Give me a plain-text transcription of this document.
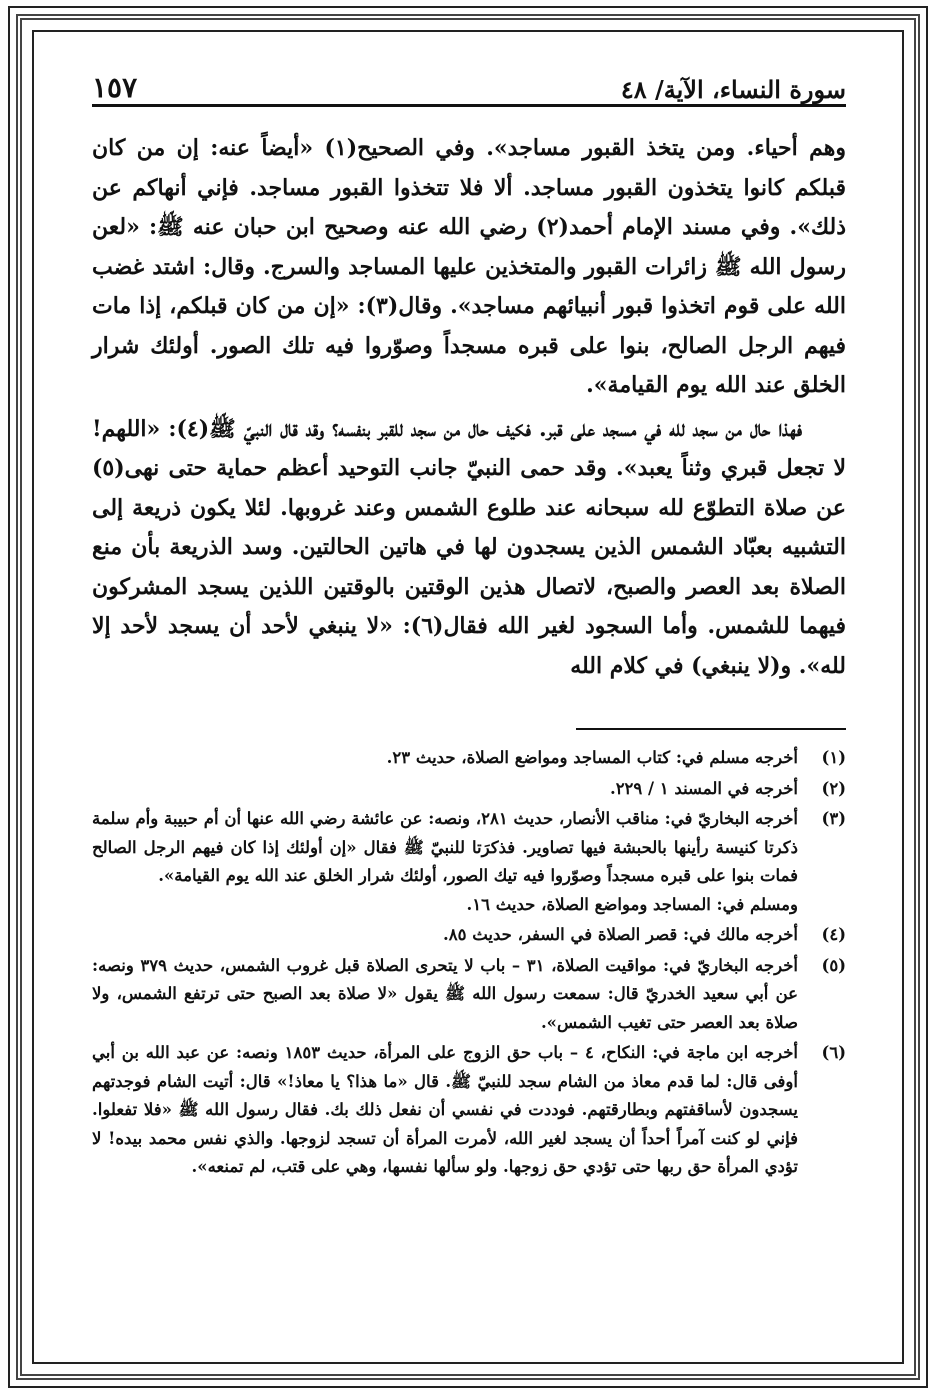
سورة النساء، الآية/ ٤٨
١٥٧

وهم أحياء. ومن يتخذ القبور مساجد». وفي الصحيح(١) «أيضاً عنه: إن من كان قبلكم كانوا يتخذون القبور مساجد. ألا فلا تتخذوا القبور مساجد. فإني أنهاكم عن ذلك». وفي مسند الإمام أحمد(٢) رضي الله عنه وصحيح ابن حبان عنه ﷺ: «لعن رسول الله ﷺ زائرات القبور والمتخذين عليها المساجد والسرج. وقال: اشتد غضب الله على قوم اتخذوا قبور أنبيائهم مساجد». وقال(٣): «إن من كان قبلكم، إذا مات فيهم الرجل الصالح، بنوا على قبره مسجداً وصوّروا فيه تلك الصور. أولئك شرار الخلق عند الله يوم القيامة».

فهذا حال من سجد لله في مسجد على قبر. فكيف حال من سجد للقبر بنفسه؟ وقد قال النبيّ ﷺ(٤): «اللهم! لا تجعل قبري وثناً يعبد». وقد حمى النبيّ جانب التوحيد أعظم حماية حتى نهى(٥) عن صلاة التطوّع لله سبحانه عند طلوع الشمس وعند غروبها. لئلا يكون ذريعة إلى التشبيه بعبّاد الشمس الذين يسجدون لها في هاتين الحالتين. وسد الذريعة بأن منع الصلاة بعد العصر والصبح، لاتصال هذين الوقتين بالوقتين اللذين يسجد المشركون فيهما للشمس. وأما السجود لغير الله فقال(٦): «لا ينبغي لأحد أن يسجد لأحد إلا لله». و(لا ينبغي) في كلام الله

(١)
أخرجه مسلم في: كتاب المساجد ومواضع الصلاة، حديث ٢٣.
(٢)
أخرجه في المسند ١ / ٢٢٩.
(٣)
أخرجه البخاريّ في: مناقب الأنصار، حديث ٢٨١، ونصه: عن عائشة رضي الله عنها أن أم حبيبة وأم سلمة ذكرتا كنيسة رأينها بالحبشة فيها تصاوير. فذكرَتا للنبيّ ﷺ فقال «إن أولئك إذا كان فيهم الرجل الصالح فمات بنوا على قبره مسجداً وصوّروا فيه تيك الصور، أولئك شرار الخلق عند الله يوم القيامة».
ومسلم في: المساجد ومواضع الصلاة، حديث ١٦.
(٤)
أخرجه مالك في: قصر الصلاة في السفر، حديث ٨٥.
(٥)
أخرجه البخاريّ في: مواقيت الصلاة، ٣١ – باب لا يتحرى الصلاة قبل غروب الشمس، حديث ٣٧٩ ونصه: عن أبي سعيد الخدريّ قال: سمعت رسول الله ﷺ يقول «لا صلاة بعد الصبح حتى ترتفع الشمس، ولا صلاة بعد العصر حتى تغيب الشمس».
(٦)
أخرجه ابن ماجة في: النكاح، ٤ – باب حق الزوج على المرأة، حديث ١٨٥٣ ونصه: عن عبد الله بن أبي أوفى قال: لما قدم معاذ من الشام سجد للنبيّ ﷺ. قال «ما هذا؟ يا معاذ!» قال: أتيت الشام فوجدتهم يسجدون لأساقفتهم وبطارقتهم. فوددت في نفسي أن نفعل ذلك بك. فقال رسول الله ﷺ «فلا تفعلوا. فإني لو كنت آمراً أحداً أن يسجد لغير الله، لأمرت المرأة أن تسجد لزوجها. والذي نفس محمد بيده! لا تؤدي المرأة حق ربها حتى تؤدي حق زوجها. ولو سألها نفسها، وهي على قتب، لم تمنعه».
